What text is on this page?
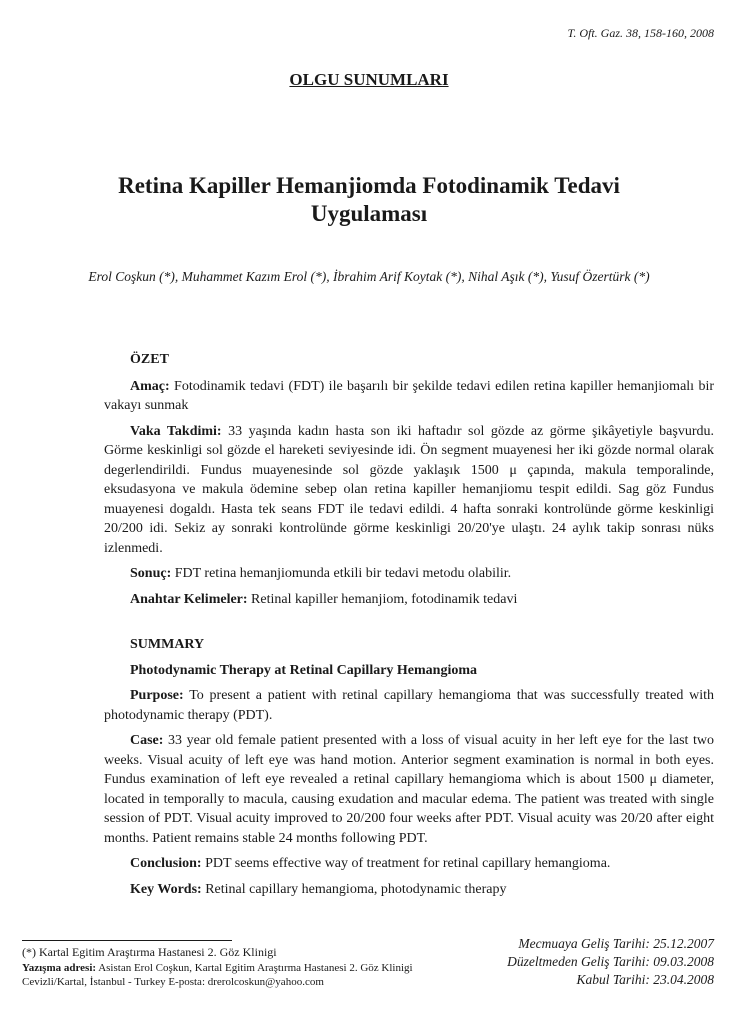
T. Oft. Gaz. 38, 158-160, 2008
OLGU SUNUMLARI
Retina Kapiller Hemanjiomda Fotodinamik Tedavi
Uygulaması
Erol Coşkun (*), Muhammet Kazım Erol (*), İbrahim Arif Koytak (*), Nihal Aşık (*), Yusuf Özertürk (*)
ÖZET

Amaç: Fotodinamik tedavi (FDT) ile başarılı bir şekilde tedavi edilen retina kapiller hemanjiomalı bir vakayı sunmak

Vaka Takdimi: 33 yaşında kadın hasta son iki haftadır sol gözde az görme şikâyetiyle başvurdu. Görme keskinligi sol gözde el hareketi seviyesinde idi. Ön segment muayenesi her iki gözde normal olarak degerlendirildi. Fundus muayenesinde sol gözde yaklaşık 1500 μ çapında, makula temporalinde, eksudasyona ve makula ödemine sebep olan retina kapiller hemanjiomu tespit edildi. Sag göz Fundus muayenesi dogaldı. Hasta tek seans FDT ile tedavi edildi. 4 hafta sonraki kontrolünde görme keskinligi 20/200 idi. Sekiz ay sonraki kontrolünde görme keskinligi 20/20'ye ulaştı. 24 aylık takip sonrası nüks izlenmedi.

Sonuç: FDT retina hemanjiomunda etkili bir tedavi metodu olabilir.

Anahtar Kelimeler: Retinal kapiller hemanjiom, fotodinamik tedavi

SUMMARY
Photodynamic Therapy at Retinal Capillary Hemangioma

Purpose: To present a patient with retinal capillary hemangioma that was successfully treated with photodynamic therapy (PDT).

Case: 33 year old female patient presented with a loss of visual acuity in her left eye for the last two weeks. Visual acuity of left eye was hand motion. Anterior segment examination is normal in both eyes. Fundus examination of left eye revealed a retinal capillary hemangioma which is about 1500 μ diameter, located in temporally to macula, causing exudation and macular edema. The patient was treated with single session of PDT. Visual acuity improved to 20/200 four weeks after PDT. Visual acuity was 20/20 after eight months. Patient remains stable 24 months following PDT.

Conclusion: PDT seems effective way of treatment for retinal capillary hemangioma.

Key Words: Retinal capillary hemangioma, photodynamic therapy

(*) Kartal Egitim Araştırma Hastanesi 2. Göz Klinigi
Yazışma adresi: Asistan Erol Coşkun, Kartal Egitim Araştırma Hastanesi 2. Göz Klinigi
Cevizli/Kartal, İstanbul - Turkey E-posta: drerolcoskun@yahoo.com
Mecmuaya Geliş Tarihi: 25.12.2007
Düzeltmeden Geliş Tarihi: 09.03.2008
Kabul Tarihi: 23.04.2008
